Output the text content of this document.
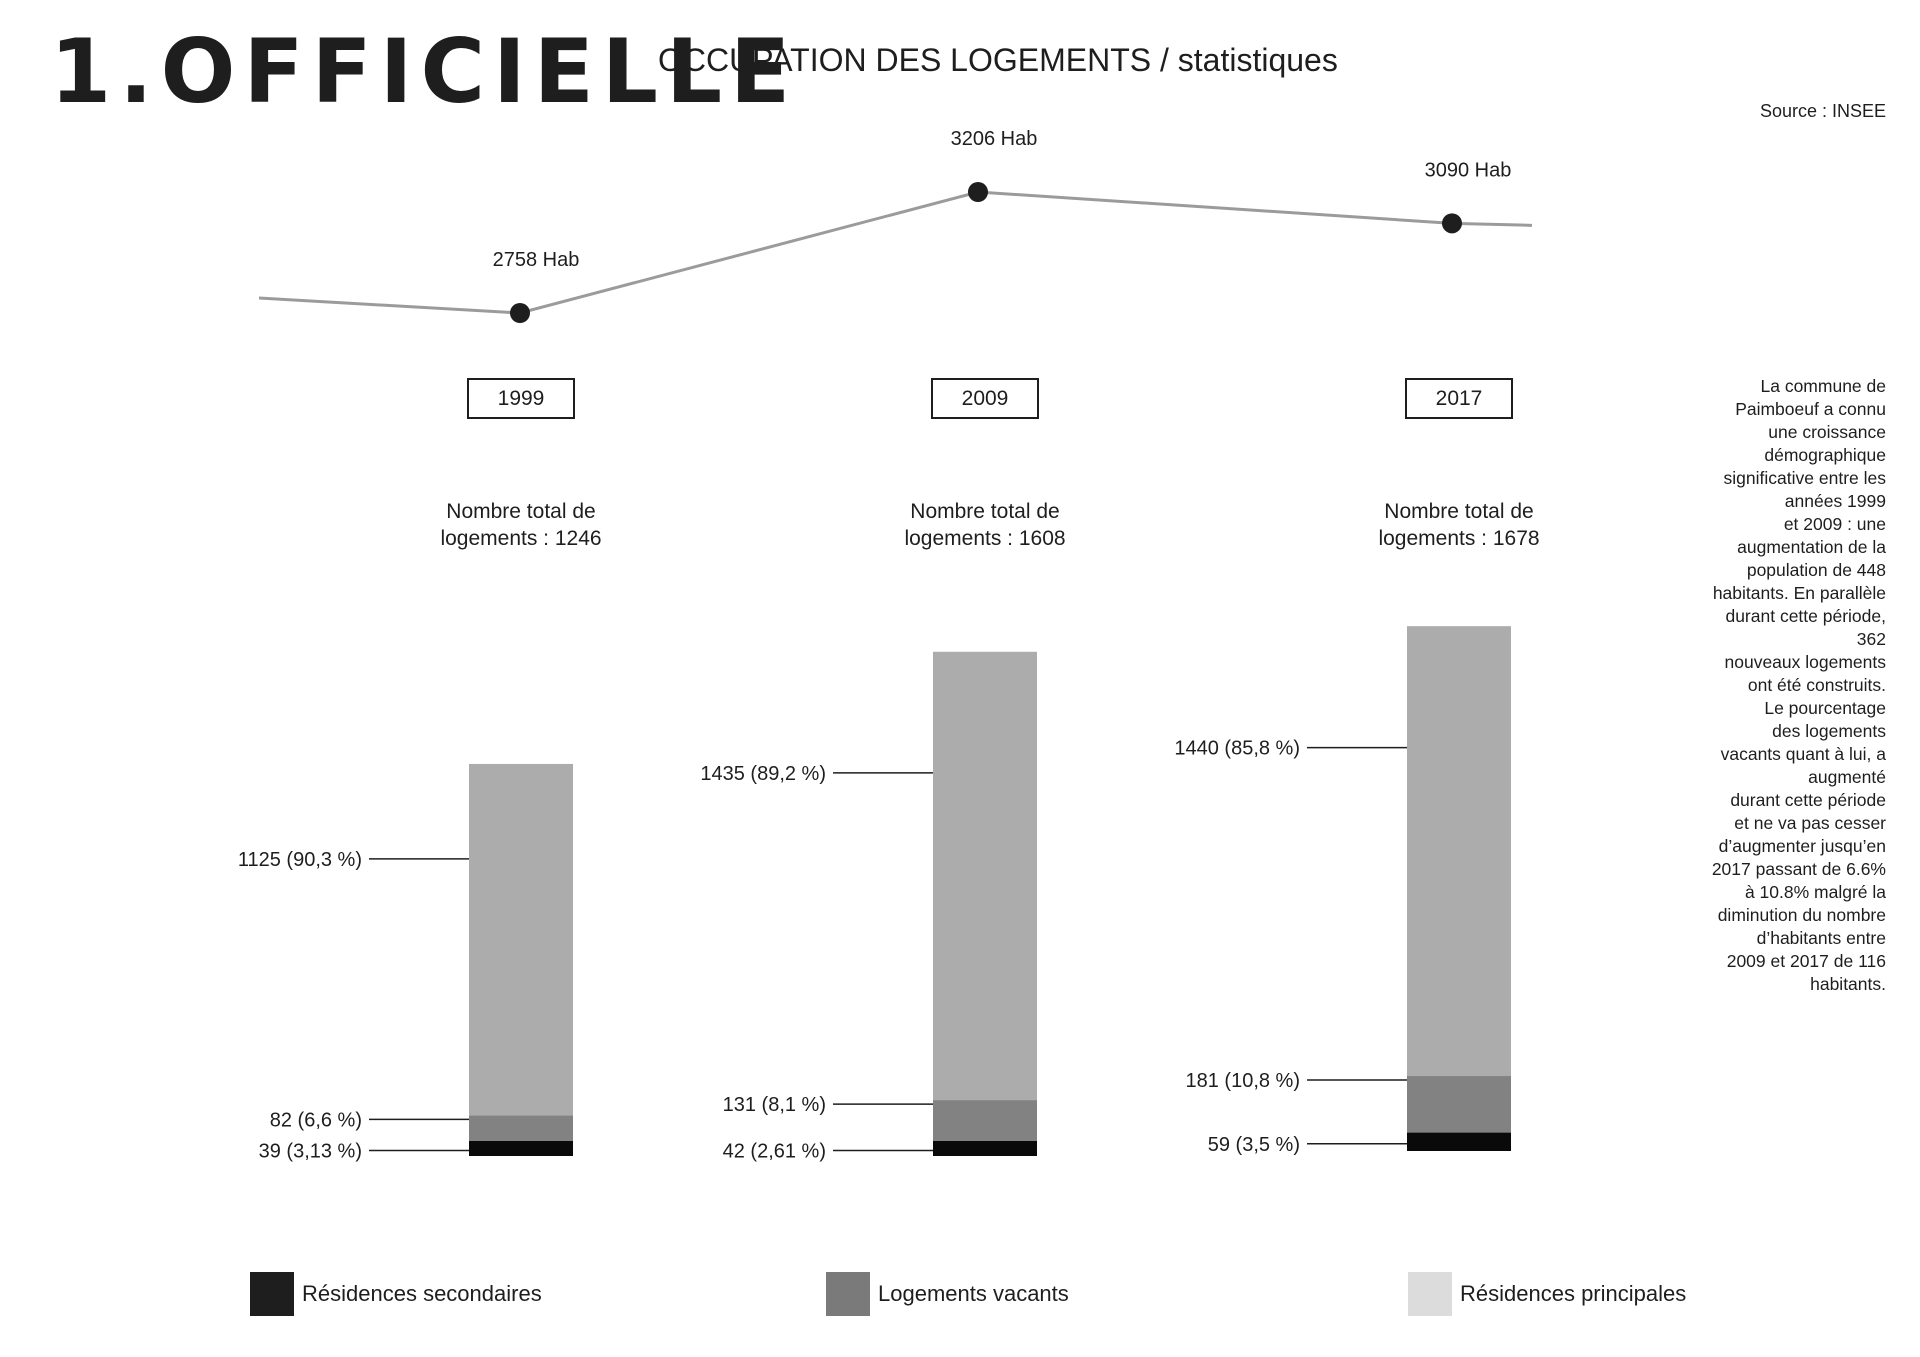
1.OFFICIELLE
OCCUPATION DES LOGEMENTS / statistiques
Source : INSEE
La commune de
Paimboeuf a connu
une croissance
démographique
significative entre les
années 1999
et 2009 : une
augmentation de la
population de 448
habitants. En parallèle
durant cette période,
362
nouveaux logements
ont été construits.
Le pourcentage
des logements
vacants quant à lui, a
augmenté
durant cette période
et ne va pas cesser
d’augmenter jusqu’en
2017 passant de 6.6%
à 10.8% malgré la
diminution du nombre
d’habitants entre
2009 et 2017 de 116
habitants.
39 (3,13 %)
82 (6,6 %)
1125 (90,3 %)
Nombre total de
logements : 1246
1999
42 (2,61 %)
131 (8,1 %)
1435 (89,2 %)
Nombre total de
logements : 1608
2009
59 (3,5 %)
181 (10,8 %)
1440 (85,8 %)
Nombre total de
logements : 1678
2017
2758 Hab
3206 Hab
3090 Hab
Résidences secondaires	Logements vacants	Résidences principales
